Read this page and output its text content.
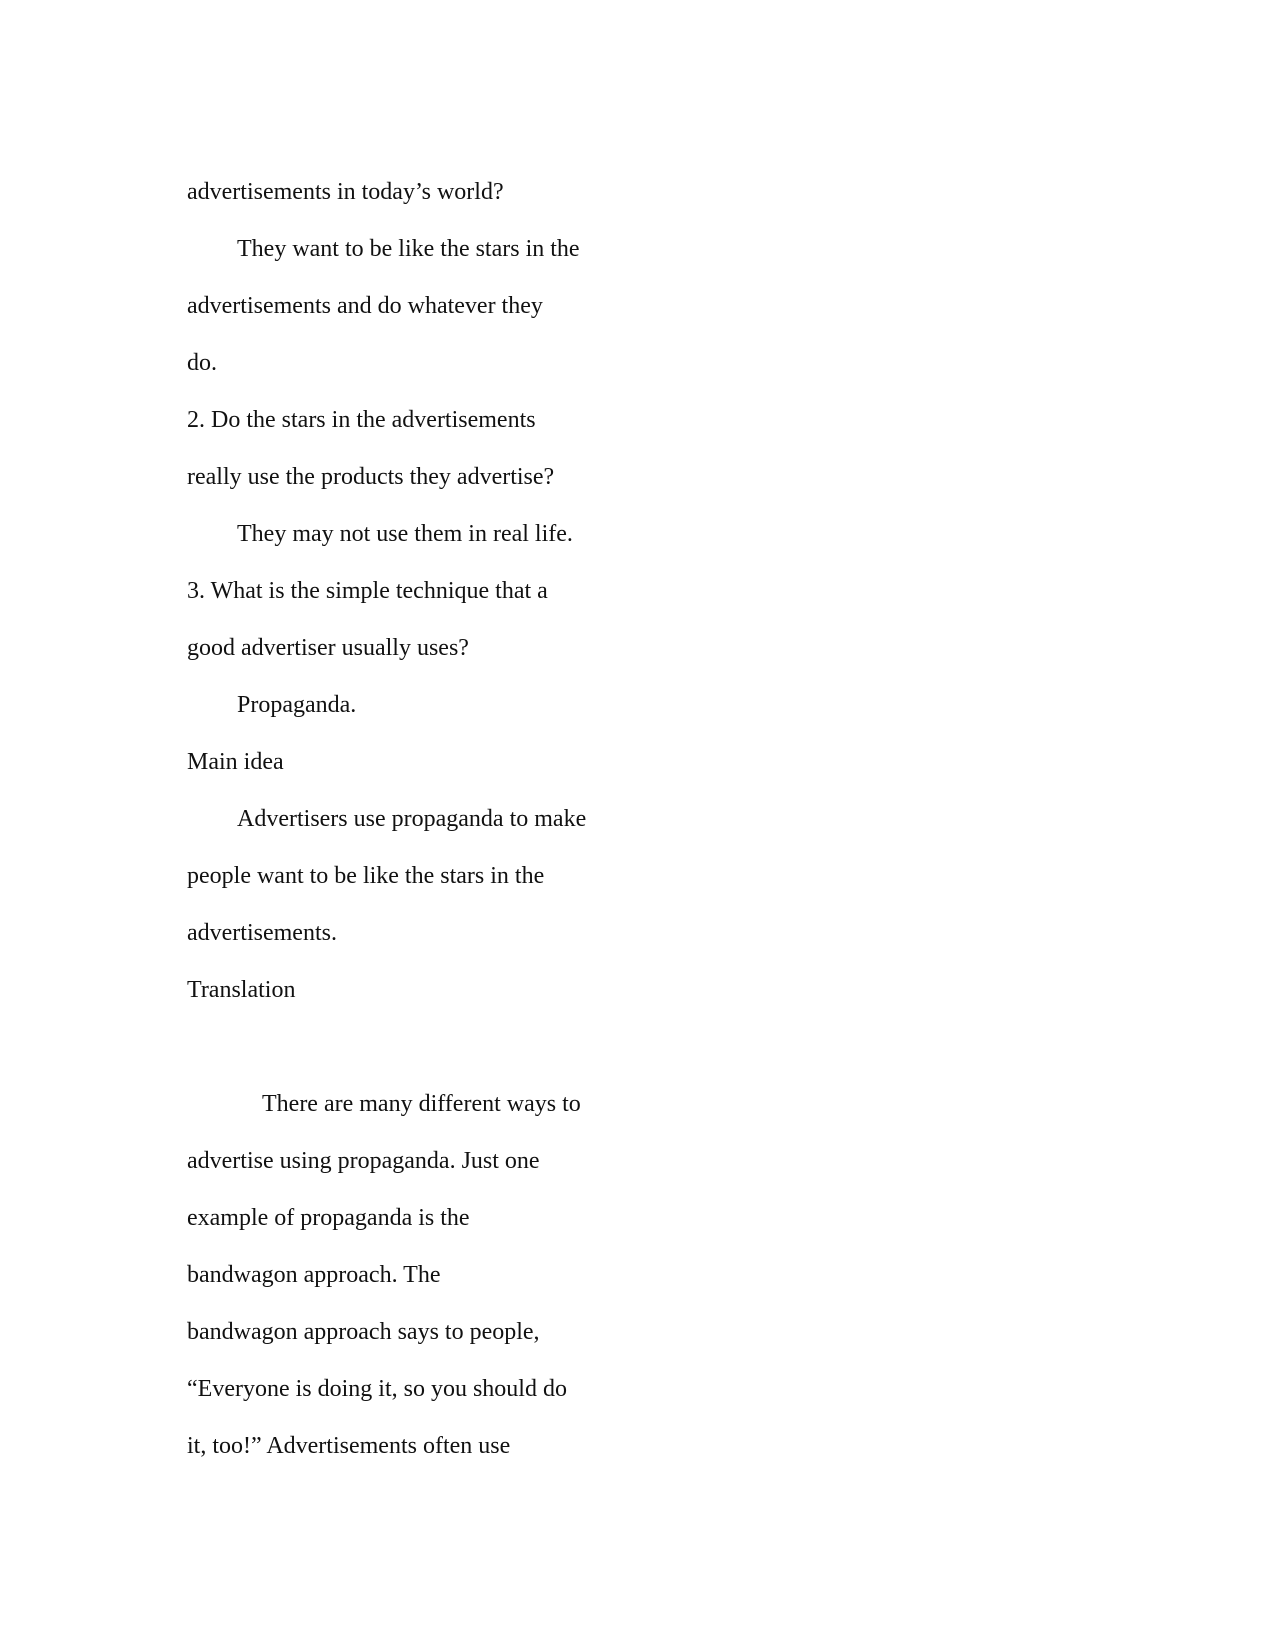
advertisements in today’s world?
They want to be like the stars in the
advertisements and do whatever they
do.
2. Do the stars in the advertisements
really use the products they advertise?
They may not use them in real life.
3. What is the simple technique that a
good advertiser usually uses?
Propaganda.
Main idea
Advertisers use propaganda to make
people want to be like the stars in the
advertisements.
Translation
There are many different ways to
advertise using propaganda. Just one
example of propaganda is the
bandwagon approach. The
bandwagon approach says to people,
“Everyone is doing it, so you should do
it, too!” Advertisements often use
